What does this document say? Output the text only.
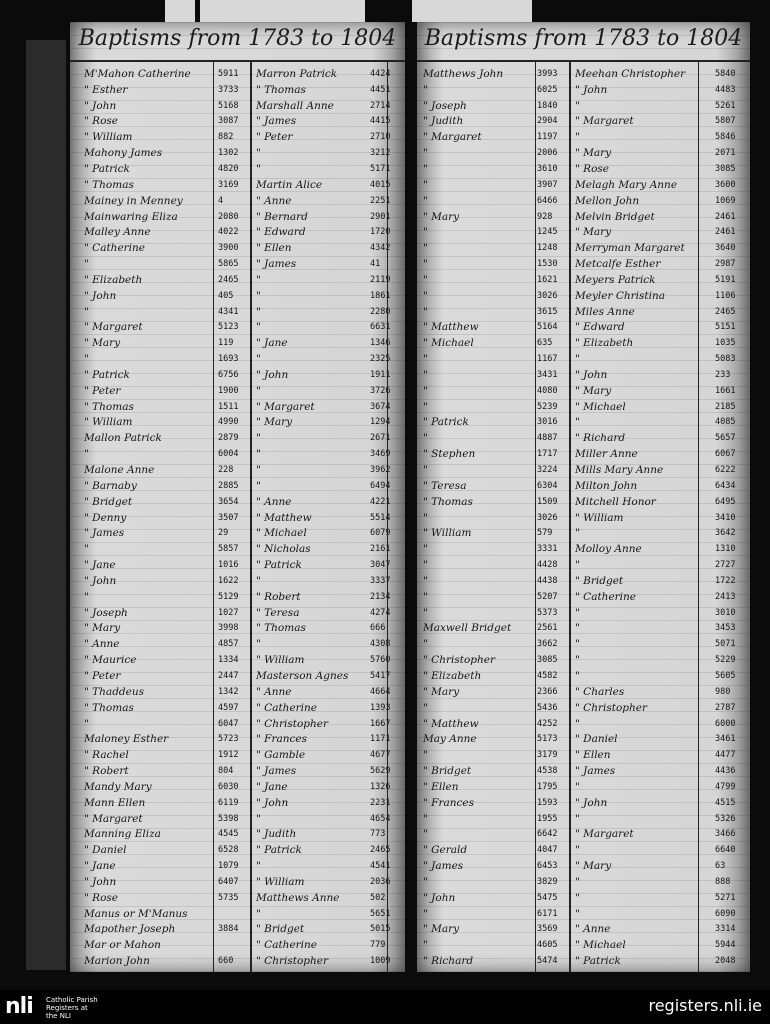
Baptisms from 1783 to 1804
M'Mahon Catherine	5911
" Esther	3733
" John	5168
" Rose	3087
" William	882
Mahony James	1302
" Patrick	4820
" Thomas	3169
Mainey in Menney	4
Mainwaring Eliza	2080
Malley Anne	4022
" Catherine	3900
"	5865
" Elizabeth	2465
" John	405
"	4341
" Margaret	5123
" Mary	119
"	1693
" Patrick	6756
" Peter	1900
" Thomas	1511
" William	4990
Mallon Patrick	2879
"	6004
Malone Anne	228
" Barnaby	2885
" Bridget	3654
" Denny	3507
" James	29
"	5857
" Jane	1016
" John	1622
"	5129
" Joseph	1027
" Mary	3998
" Anne	4857
" Maurice	1334
" Peter	2447
" Thaddeus	1342
" Thomas	4597
"	6047
Maloney Esther	5723
" Rachel	1912
" Robert	804
Mandy Mary	6030
Mann Ellen	6119
" Margaret	5398
Manning Eliza	4545
" Daniel	6528
" Jane	1079
" John	6407
" Rose	5735
Manus or M'Manus
Mapother Joseph	3884
Mar or Mahon
Marion John	660
Marron Patrick	4424
" Thomas	4451
Marshall Anne	2714
" James	4415
" Peter	2710
"	3212
"	5171
Martin Alice	4015
" Anne	2251
" Bernard	2901
" Edward	1720
" Ellen	4342
" James	41
"	2119
"	1861
"	2280
"	6631
" Jane	1346
"	2325
" John	1911
"	3726
" Margaret	3674
" Mary	1294
"	2671
"	3469
"	3962
"	6494
" Anne	4221
" Matthew	5514
" Michael	6079
" Nicholas	2161
" Patrick	3047
"	3337
" Robert	2134
" Teresa	4274
" Thomas	666
"	4308
" William	5760
Masterson Agnes	5417
" Anne	4664
" Catherine	1393
" Christopher	1667
" Frances	1171
" Gamble	4677
" James	5629
" Jane	1326
" John	2231
"	4654
" Judith	773
" Patrick	2465
"	4541
" William	2036
Matthews Anne	502
"	5651
" Bridget	5015
" Catherine	779
" Christopher	1009
Baptisms from 1783 to 1804
Matthews John	3993
"	6025
" Joseph	1840
" Judith	2904
" Margaret	1197
"	2006
"	3610
"	3907
"	6466
" Mary	928
"	1245
"	1248
"	1530
"	1621
"	3026
"	3615
" Matthew	5164
" Michael	635
"	1167
"	3431
"	4080
"	5239
" Patrick	3016
"	4887
" Stephen	1717
"	3224
" Teresa	6304
" Thomas	1509
"	3026
" William	579
"	3331
"	4428
"	4438
"	5207
"	5373
Maxwell Bridget	2561
"	3662
" Christopher	3085
" Elizabeth	4582
" Mary	2366
"	5436
" Matthew	4252
May Anne	5173
"	3179
" Bridget	4538
" Ellen	1795
" Frances	1593
"	1955
"	6642
" Gerald	4047
" James	6453
"	3829
" John	5475
"	6171
" Mary	3569
"	4605
" Richard	5474
Meehan Christopher	5840
" John	4483
"	5261
" Margaret	5807
"	5846
" Mary	2071
" Rose	3085
Melagh Mary Anne	3600
Mellon John	1069
Melvin Bridget	2461
" Mary	2461
Merryman Margaret	3640
Metcalfe Esther	2987
Meyers Patrick	5191
Meyler Christina	1106
Miles Anne	2465
" Edward	5151
" Elizabeth	1035
"	5083
" John	233
" Mary	1661
" Michael	2185
"	4085
" Richard	5657
Miller Anne	6067
Mills Mary Anne	6222
Milton John	6434
Mitchell Honor	6495
" William	3410
"	3642
Molloy Anne	1310
"	2727
" Bridget	1722
" Catherine	2413
"	3010
"	3453
"	5071
"	5229
"	5605
" Charles	980
" Christopher	2787
"	6000
" Daniel	3461
" Ellen	4477
" James	4436
"	4799
" John	4515
"	5326
" Margaret	3466
"	6640
" Mary	63
"	888
"	5271
"	6090
" Anne	3314
" Michael	5944
" Patrick	2048
nli Catholic Parish
Registers at
the NLI
registers.nli.ie
